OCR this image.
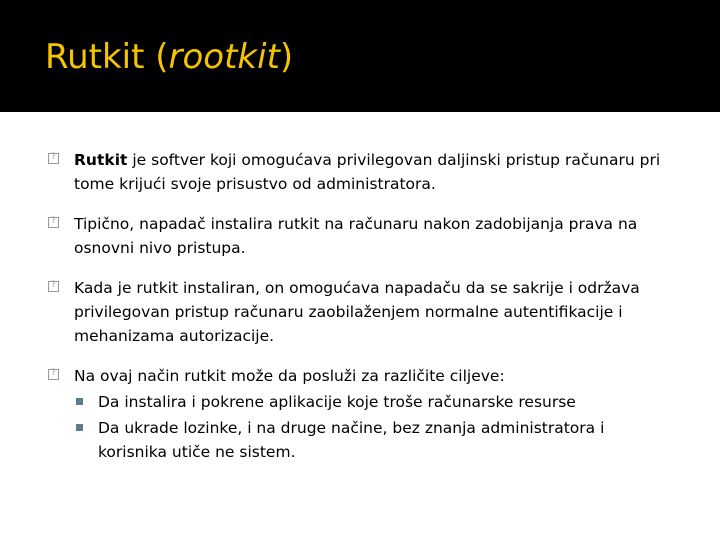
Rutkit (rootkit)
?
Rutkit je softver koji omogućava privilegovan daljinski pristup računaru pri tome krijući svoje prisustvo od administratora.
?
Tipično, napadač instalira rutkit na računaru nakon zadobijanja prava na osnovni nivo pristupa.
?
Kada je rutkit instaliran, on omogućava napadaču da se sakrije i održava privilegovan pristup računaru zaobilaženjem normalne autentifikacije i mehanizama autorizacije.
?
Na ovaj način rutkit može da posluži za različite ciljeve:
Da instalira i pokrene aplikacije koje troše računarske resurse
Da ukrade lozinke, i na druge načine, bez znanja administratora i korisnika utiče ne sistem.
